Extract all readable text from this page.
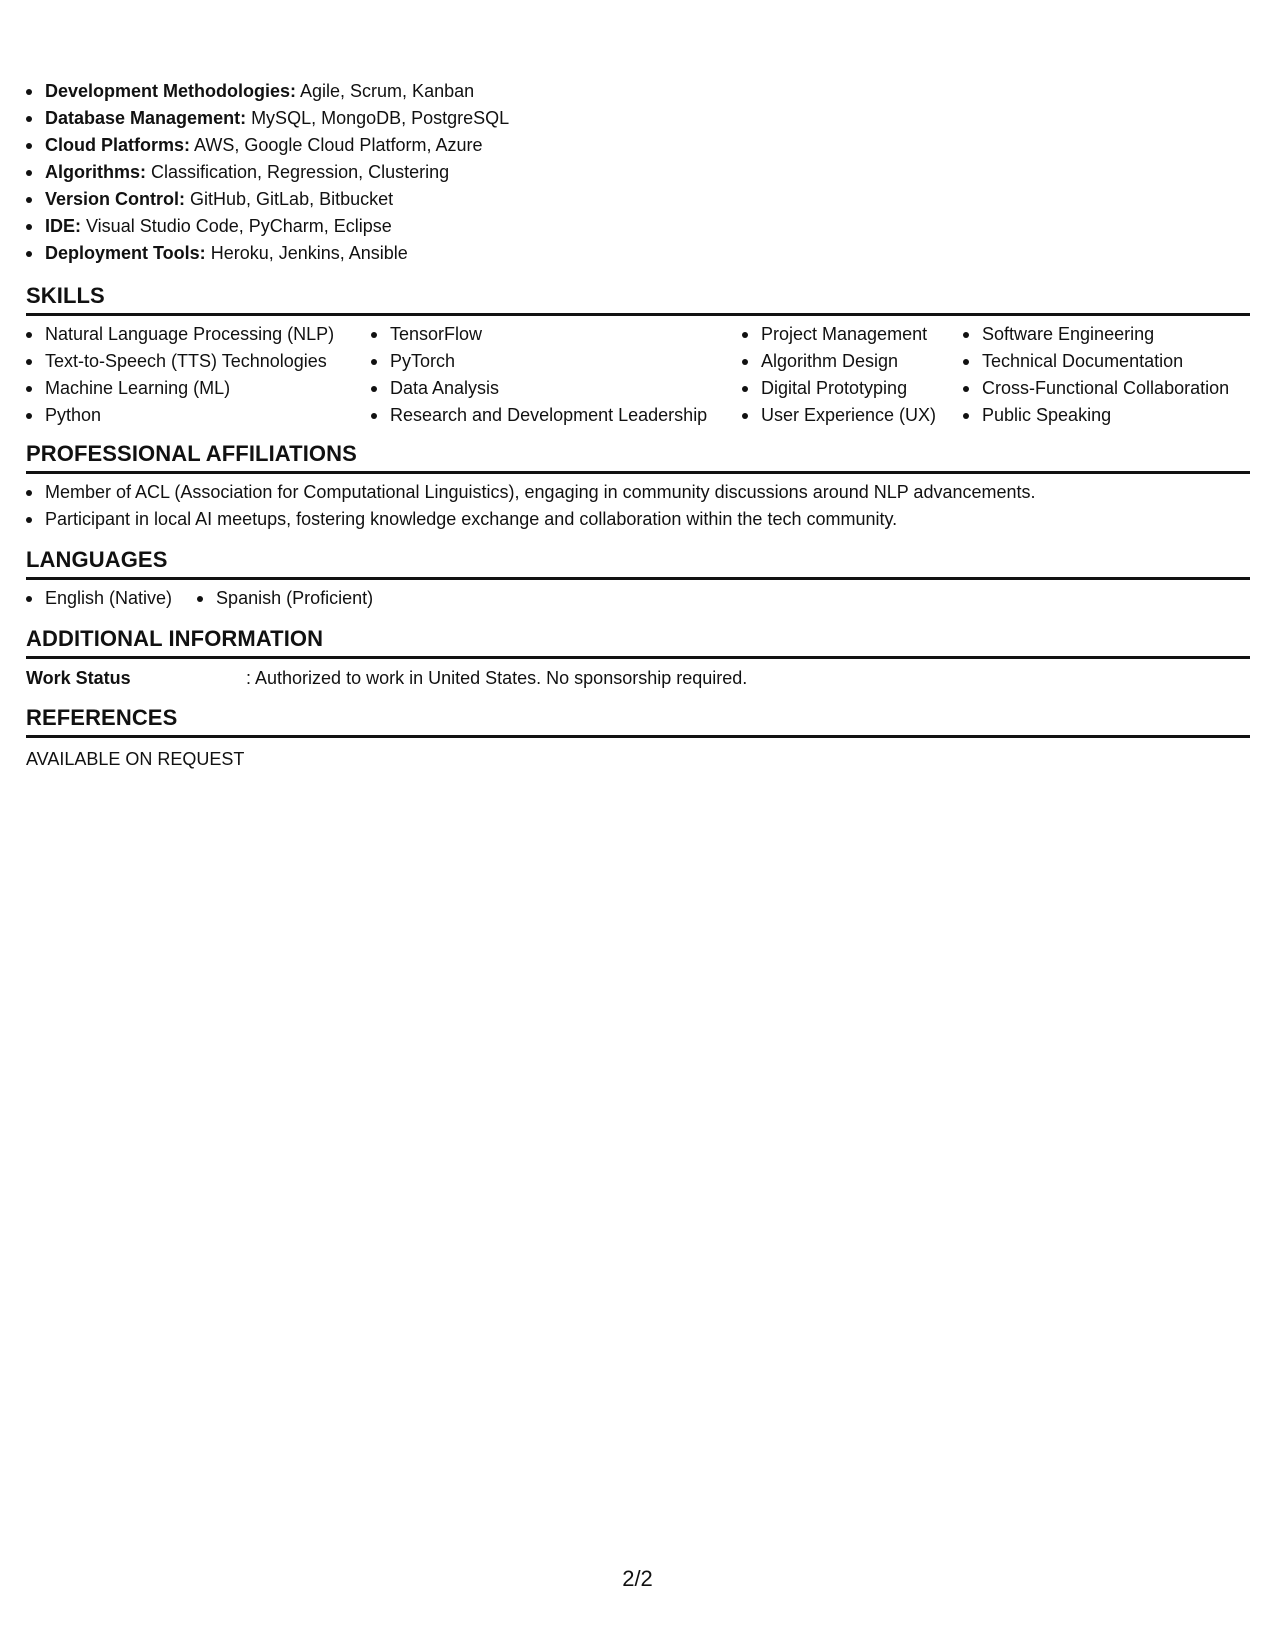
Development Methodologies: Agile, Scrum, Kanban
Database Management: MySQL, MongoDB, PostgreSQL
Cloud Platforms: AWS, Google Cloud Platform, Azure
Algorithms: Classification, Regression, Clustering
Version Control: GitHub, GitLab, Bitbucket
IDE: Visual Studio Code, PyCharm, Eclipse
Deployment Tools: Heroku, Jenkins, Ansible
SKILLS
Natural Language Processing (NLP)
Text-to-Speech (TTS) Technologies
Machine Learning (ML)
Python
TensorFlow
PyTorch
Data Analysis
Research and Development Leadership
Project Management
Algorithm Design
Digital Prototyping
User Experience (UX)
Software Engineering
Technical Documentation
Cross-Functional Collaboration
Public Speaking
PROFESSIONAL AFFILIATIONS
Member of ACL (Association for Computational Linguistics), engaging in community discussions around NLP advancements.
Participant in local AI meetups, fostering knowledge exchange and collaboration within the tech community.
LANGUAGES
English (Native)	Spanish (Proficient)
ADDITIONAL INFORMATION
Work Status	: Authorized to work in United States. No sponsorship required.
REFERENCES
AVAILABLE ON REQUEST
2/2
